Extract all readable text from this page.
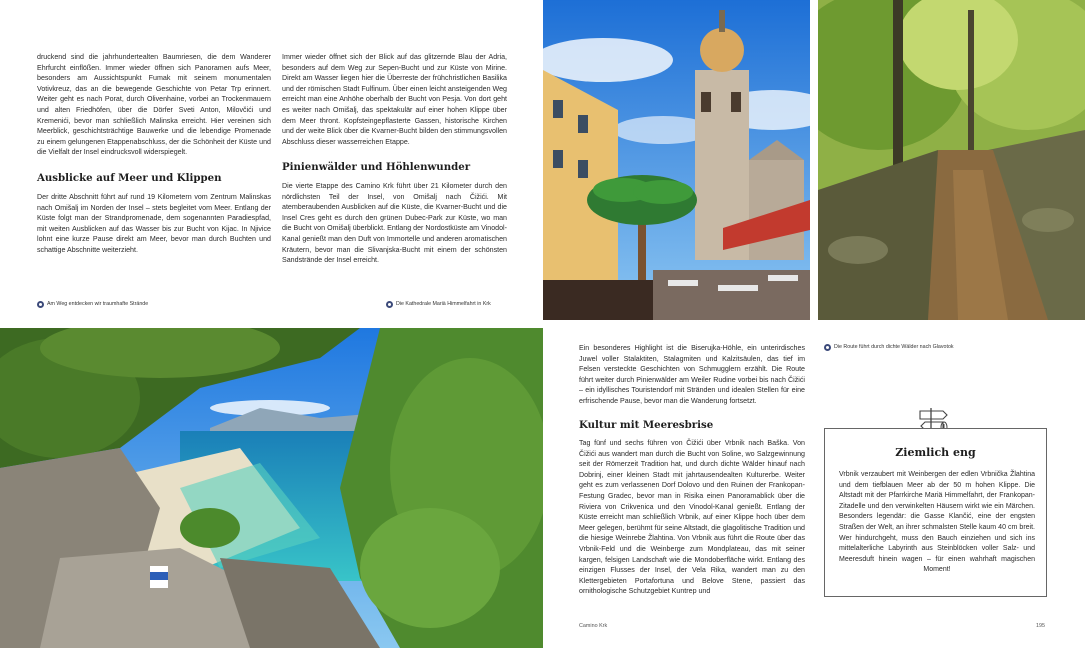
druckend sind die jahrhundertealten Baumriesen, die dem Wanderer Ehrfurcht einflößen. Immer wieder öffnen sich Panoramen aufs Meer, besonders am Aussichtspunkt Fumak mit seinem monumentalen Votivkreuz, das an die bewegende Geschichte von Petar Trp erinnert. Weiter geht es nach Porat, durch Olivenhaine, vorbei an Trockenmauern und alten Friedhöfen, über die Dörfer Sveti Anton, Milovčići und Kremenići, bevor man schließlich Malinska erreicht. Hier vereinen sich Meerblick, geschichtsträchtige Bauwerke und die lebendige Promenade zu einem gelungenen Etappenabschluss, der die Schönheit der Küste und die Vielfalt der Insel eindrucksvoll widerspiegelt.
Ausblicke auf Meer und Klippen
Der dritte Abschnitt führt auf rund 19 Kilometern vom Zentrum Malinskas nach Omišalj im Norden der Insel – stets begleitet vom Meer. Entlang der Küste folgt man der Strandpromenade, dem sogenannten Paradiespfad, mit weiten Ausblicken auf das Wasser bis zur Bucht von Kijac. In Njivice lohnt eine kurze Pause direkt am Meer, bevor man durch Buchten und schattige Abschnitte weiterzieht.
Immer wieder öffnet sich der Blick auf das glitzernde Blau der Adria, besonders auf dem Weg zur Sepen-Bucht und zur Küste von Mirine. Direkt am Wasser liegen hier die Überreste der frühchristlichen Basilika und der römischen Stadt Fulfinum. Über einen leicht ansteigenden Weg erreicht man eine Anhöhe oberhalb der Bucht von Pesja. Von dort geht es weiter nach Omišalj, das spektakulär auf einer hohen Klippe über dem Meer thront. Kopfsteingepflasterte Gassen, historische Kirchen und der weite Blick über die Kvarner-Bucht bilden den stimmungsvollen Abschluss dieser wasserreichen Etappe.
Pinienwälder und Höhlenwunder
Die vierte Etappe des Camino Krk führt über 21 Kilometer durch den nördlichsten Teil der Insel, von Omišalj nach Čižići. Mit atemberaubenden Ausblicken auf die Küste, die Kvarner-Bucht und die Insel Cres geht es durch den grünen Dubec-Park zur Küste, wo man die Bucht von Omišalj überblickt. Entlang der Nordostküste am Vinodol-Kanal genießt man den Duft von Immortelle und anderen aromatischen Kräutern, bevor man die Slivanjska-Bucht mit einem der schönsten Sandstrände der Insel erreicht.
Am Weg entdecken wir traumhafte Strände	Die Kathedrale Mariä Himmelfahrt in Krk
Die Route führt durch dichte Wälder nach Glavotok
Ein besonderes Highlight ist die Biserujka-Höhle, ein unterirdisches Juwel voller Stalaktiten, Stalagmiten und Kalzitsäulen, das tief im Felsen versteckte Geschichten von Schmugglern erzählt. Die Route führt weiter durch Pinienwälder am Weiler Rudine vorbei bis nach Čižići – ein idyllisches Touristendorf mit Stränden und idealen Stellen für eine erfrischende Pause, bevor man die Wanderung fortsetzt.
Kultur mit Meeresbrise
Tag fünf und sechs führen von Čižići über Vrbnik nach Baška. Von Čižići aus wandert man durch die Bucht von Soline, wo Salzgewinnung seit der Römerzeit Tradition hat, und durch dichte Wälder hinauf nach Dobrinj, einer kleinen Stadt mit jahrtausendealten Kulturerbe. Weiter geht es zum verlassenen Dorf Dolovo und den Ruinen der Frankopan-Festung Gradec, bevor man in Risika einen Panoramablick über die Riviera von Crikvenica und den Vinodol-Kanal genießt. Entlang der Küste erreicht man schließlich Vrbnik, auf einer Klippe hoch über dem Meer gelegen, berühmt für seine Altstadt, die glagolitische Tradition und die hiesige Weinrebe Žlahtina. Von Vrbnik aus führt die Route über das Vrbnik-Feld und die Weinberge zum Mondplateau, das mit seiner kargen, felsigen Landschaft wie die Mondoberfläche wirkt. Entlang des einzigen Flusses der Insel, der Vela Rika, wandert man zu den Klettergebieten Portafortuna und Belove Stene, passiert das ornithologische Schutzgebiet Kuntrep und
Ziemlich eng
Vrbnik verzaubert mit Weinbergen der edlen Vrbnička Žlahtina und dem tiefblauen Meer ab der 50 m hohen Klippe. Die Altstadt mit der Pfarrkirche Mariä Himmelfahrt, der Frankopan-Zitadelle und den verwinkelten Häusern wirkt wie ein Märchen. Besonders legendär: die Gasse Klančić, eine der engsten Straßen der Welt, an ihrer schmalsten Stelle kaum 40 cm breit. Wer hindurchgeht, muss den Bauch einziehen und sich ins mittelalterliche Labyrinth aus Steinblöcken voller Salz- und Meeresduft hinein wagen – für einen wahrhaft magischen Moment!
Camino Krk	195
